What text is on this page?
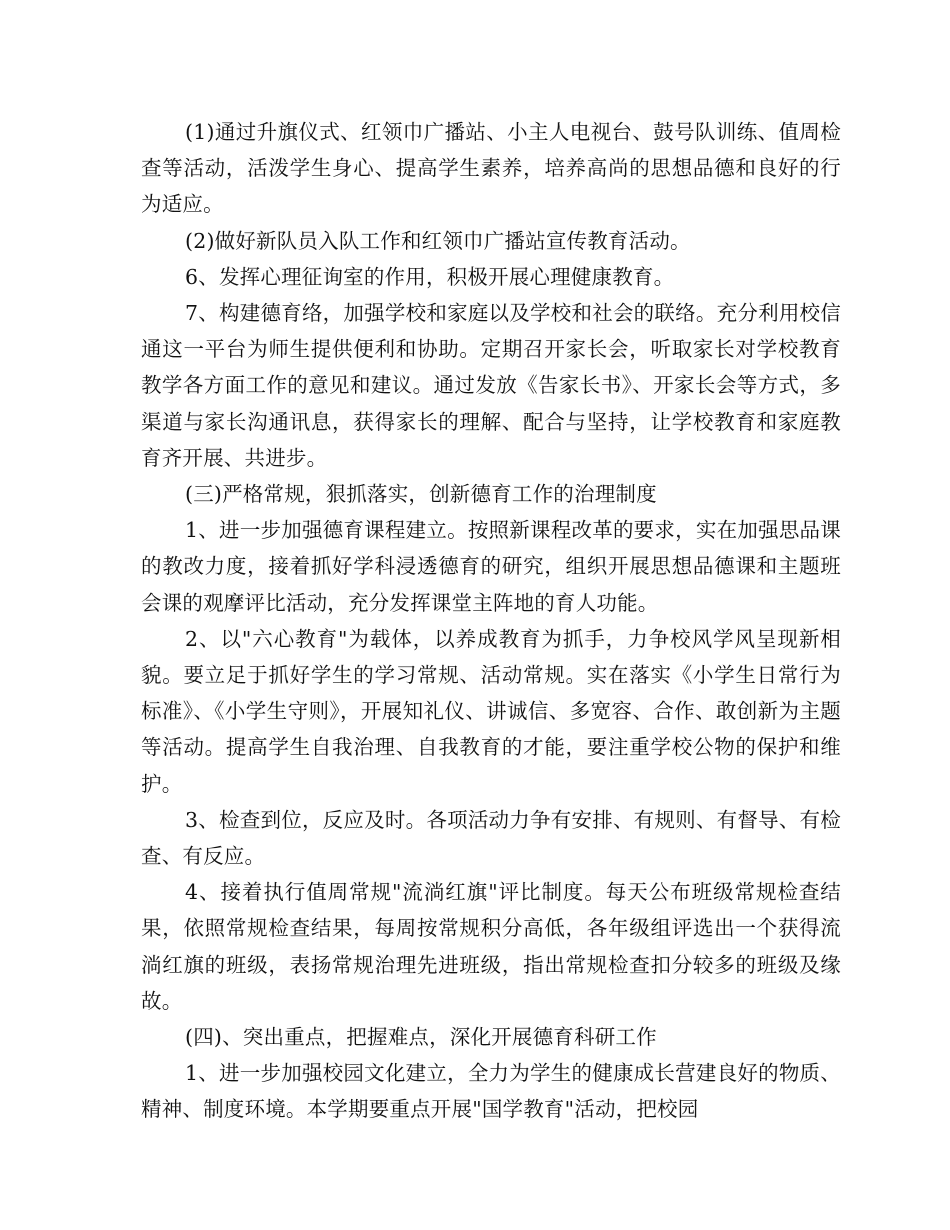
(1)通过升旗仪式、红领巾广播站、小主人电视台、鼓号队训练、值周检查等活动，活泼学生身心、提高学生素养，培养高尚的思想品德和良好的行为适应。

(2)做好新队员入队工作和红领巾广播站宣传教育活动。

6、发挥心理征询室的作用，积极开展心理健康教育。

7、构建德育络，加强学校和家庭以及学校和社会的联络。充分利用校信通这一平台为师生提供便利和协助。定期召开家长会，听取家长对学校教育教学各方面工作的意见和建议。通过发放《告家长书》、开家长会等方式，多渠道与家长沟通讯息，获得家长的理解、配合与坚持，让学校教育和家庭教育齐开展、共进步。

(三)严格常规，狠抓落实，创新德育工作的治理制度

1、进一步加强德育课程建立。按照新课程改革的要求，实在加强思品课的教改力度，接着抓好学科浸透德育的研究，组织开展思想品德课和主题班会课的观摩评比活动，充分发挥课堂主阵地的育人功能。

2、以"六心教育"为载体，以养成教育为抓手，力争校风学风呈现新相貌。要立足于抓好学生的学习常规、活动常规。实在落实《小学生日常行为标准》、《小学生守则》，开展知礼仪、讲诚信、多宽容、合作、敢创新为主题等活动。提高学生自我治理、自我教育的才能，要注重学校公物的保护和维护。

3、检查到位，反应及时。各项活动力争有安排、有规则、有督导、有检查、有反应。

4、接着执行值周常规"流淌红旗"评比制度。每天公布班级常规检查结果，依照常规检查结果，每周按常规积分高低，各年级组评选出一个获得流淌红旗的班级，表扬常规治理先进班级，指出常规检查扣分较多的班级及缘故。

(四)、突出重点，把握难点，深化开展德育科研工作

1、进一步加强校园文化建立，全力为学生的健康成长营建良好的物质、精神、制度环境。本学期要重点开展"国学教育"活动，把校园
